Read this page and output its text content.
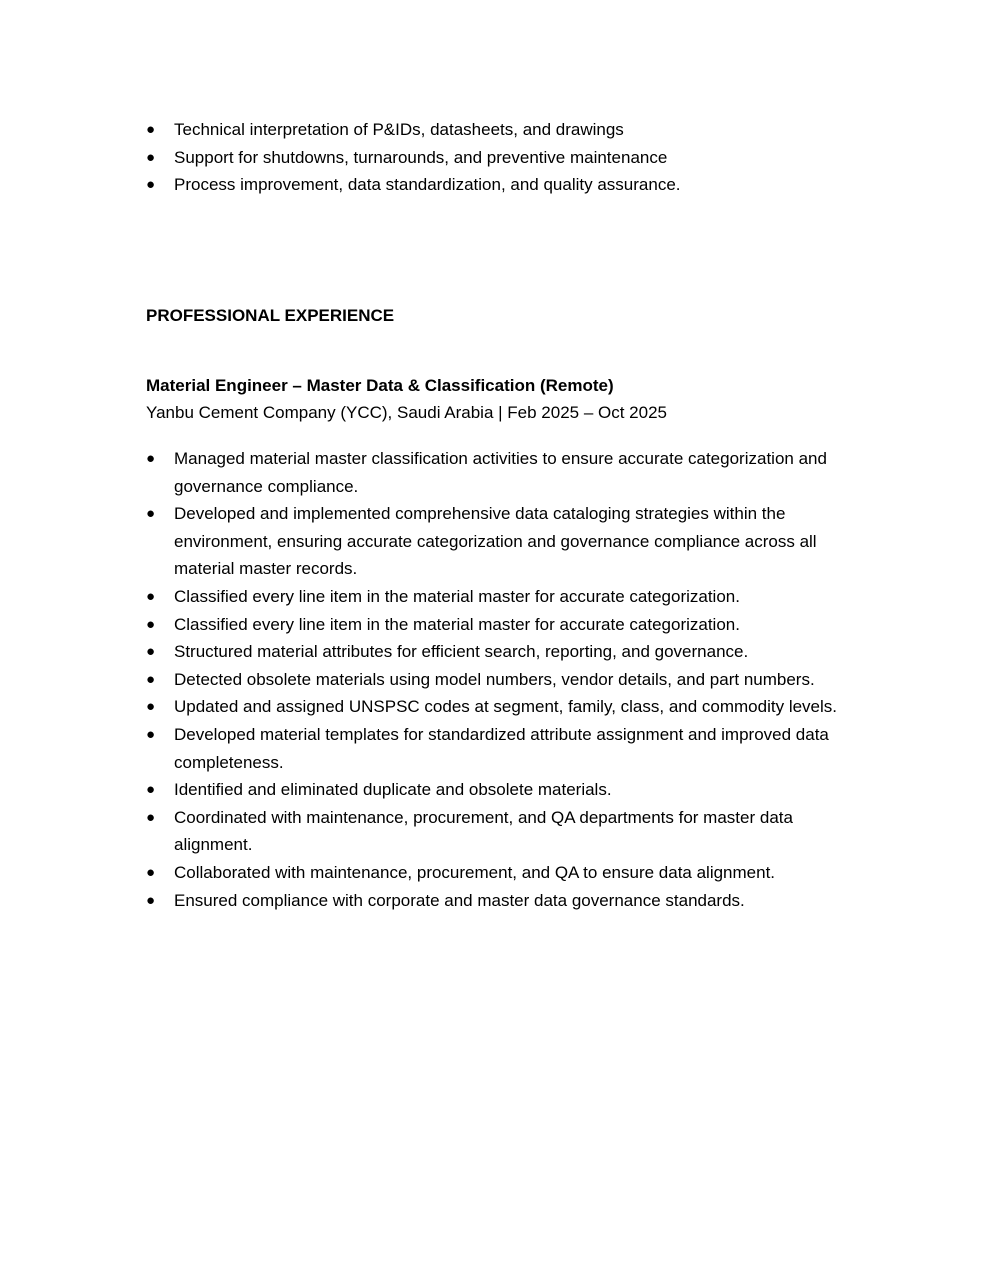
● Technical interpretation of P&IDs, datasheets, and drawings
● Support for shutdowns, turnarounds, and preventive maintenance
● Process improvement, data standardization, and quality assurance.
PROFESSIONAL EXPERIENCE
Material Engineer – Master Data & Classification (Remote)
Yanbu Cement Company (YCC), Saudi Arabia | Feb 2025 – Oct 2025
● Managed material master classification activities to ensure accurate categorization and governance compliance.
● Developed and implemented comprehensive data cataloging strategies within the environment, ensuring accurate categorization and governance compliance across all material master records.
● Classified every line item in the material master for accurate categorization.
● Classified every line item in the material master for accurate categorization.
● Structured material attributes for efficient search, reporting, and governance.
● Detected obsolete materials using model numbers, vendor details, and part numbers.
● Updated and assigned UNSPSC codes at segment, family, class, and commodity levels.
● Developed material templates for standardized attribute assignment and improved data completeness.
● Identified and eliminated duplicate and obsolete materials.
● Coordinated with maintenance, procurement, and QA departments for master data alignment.
● Collaborated with maintenance, procurement, and QA to ensure data alignment.
● Ensured compliance with corporate and master data governance standards.
